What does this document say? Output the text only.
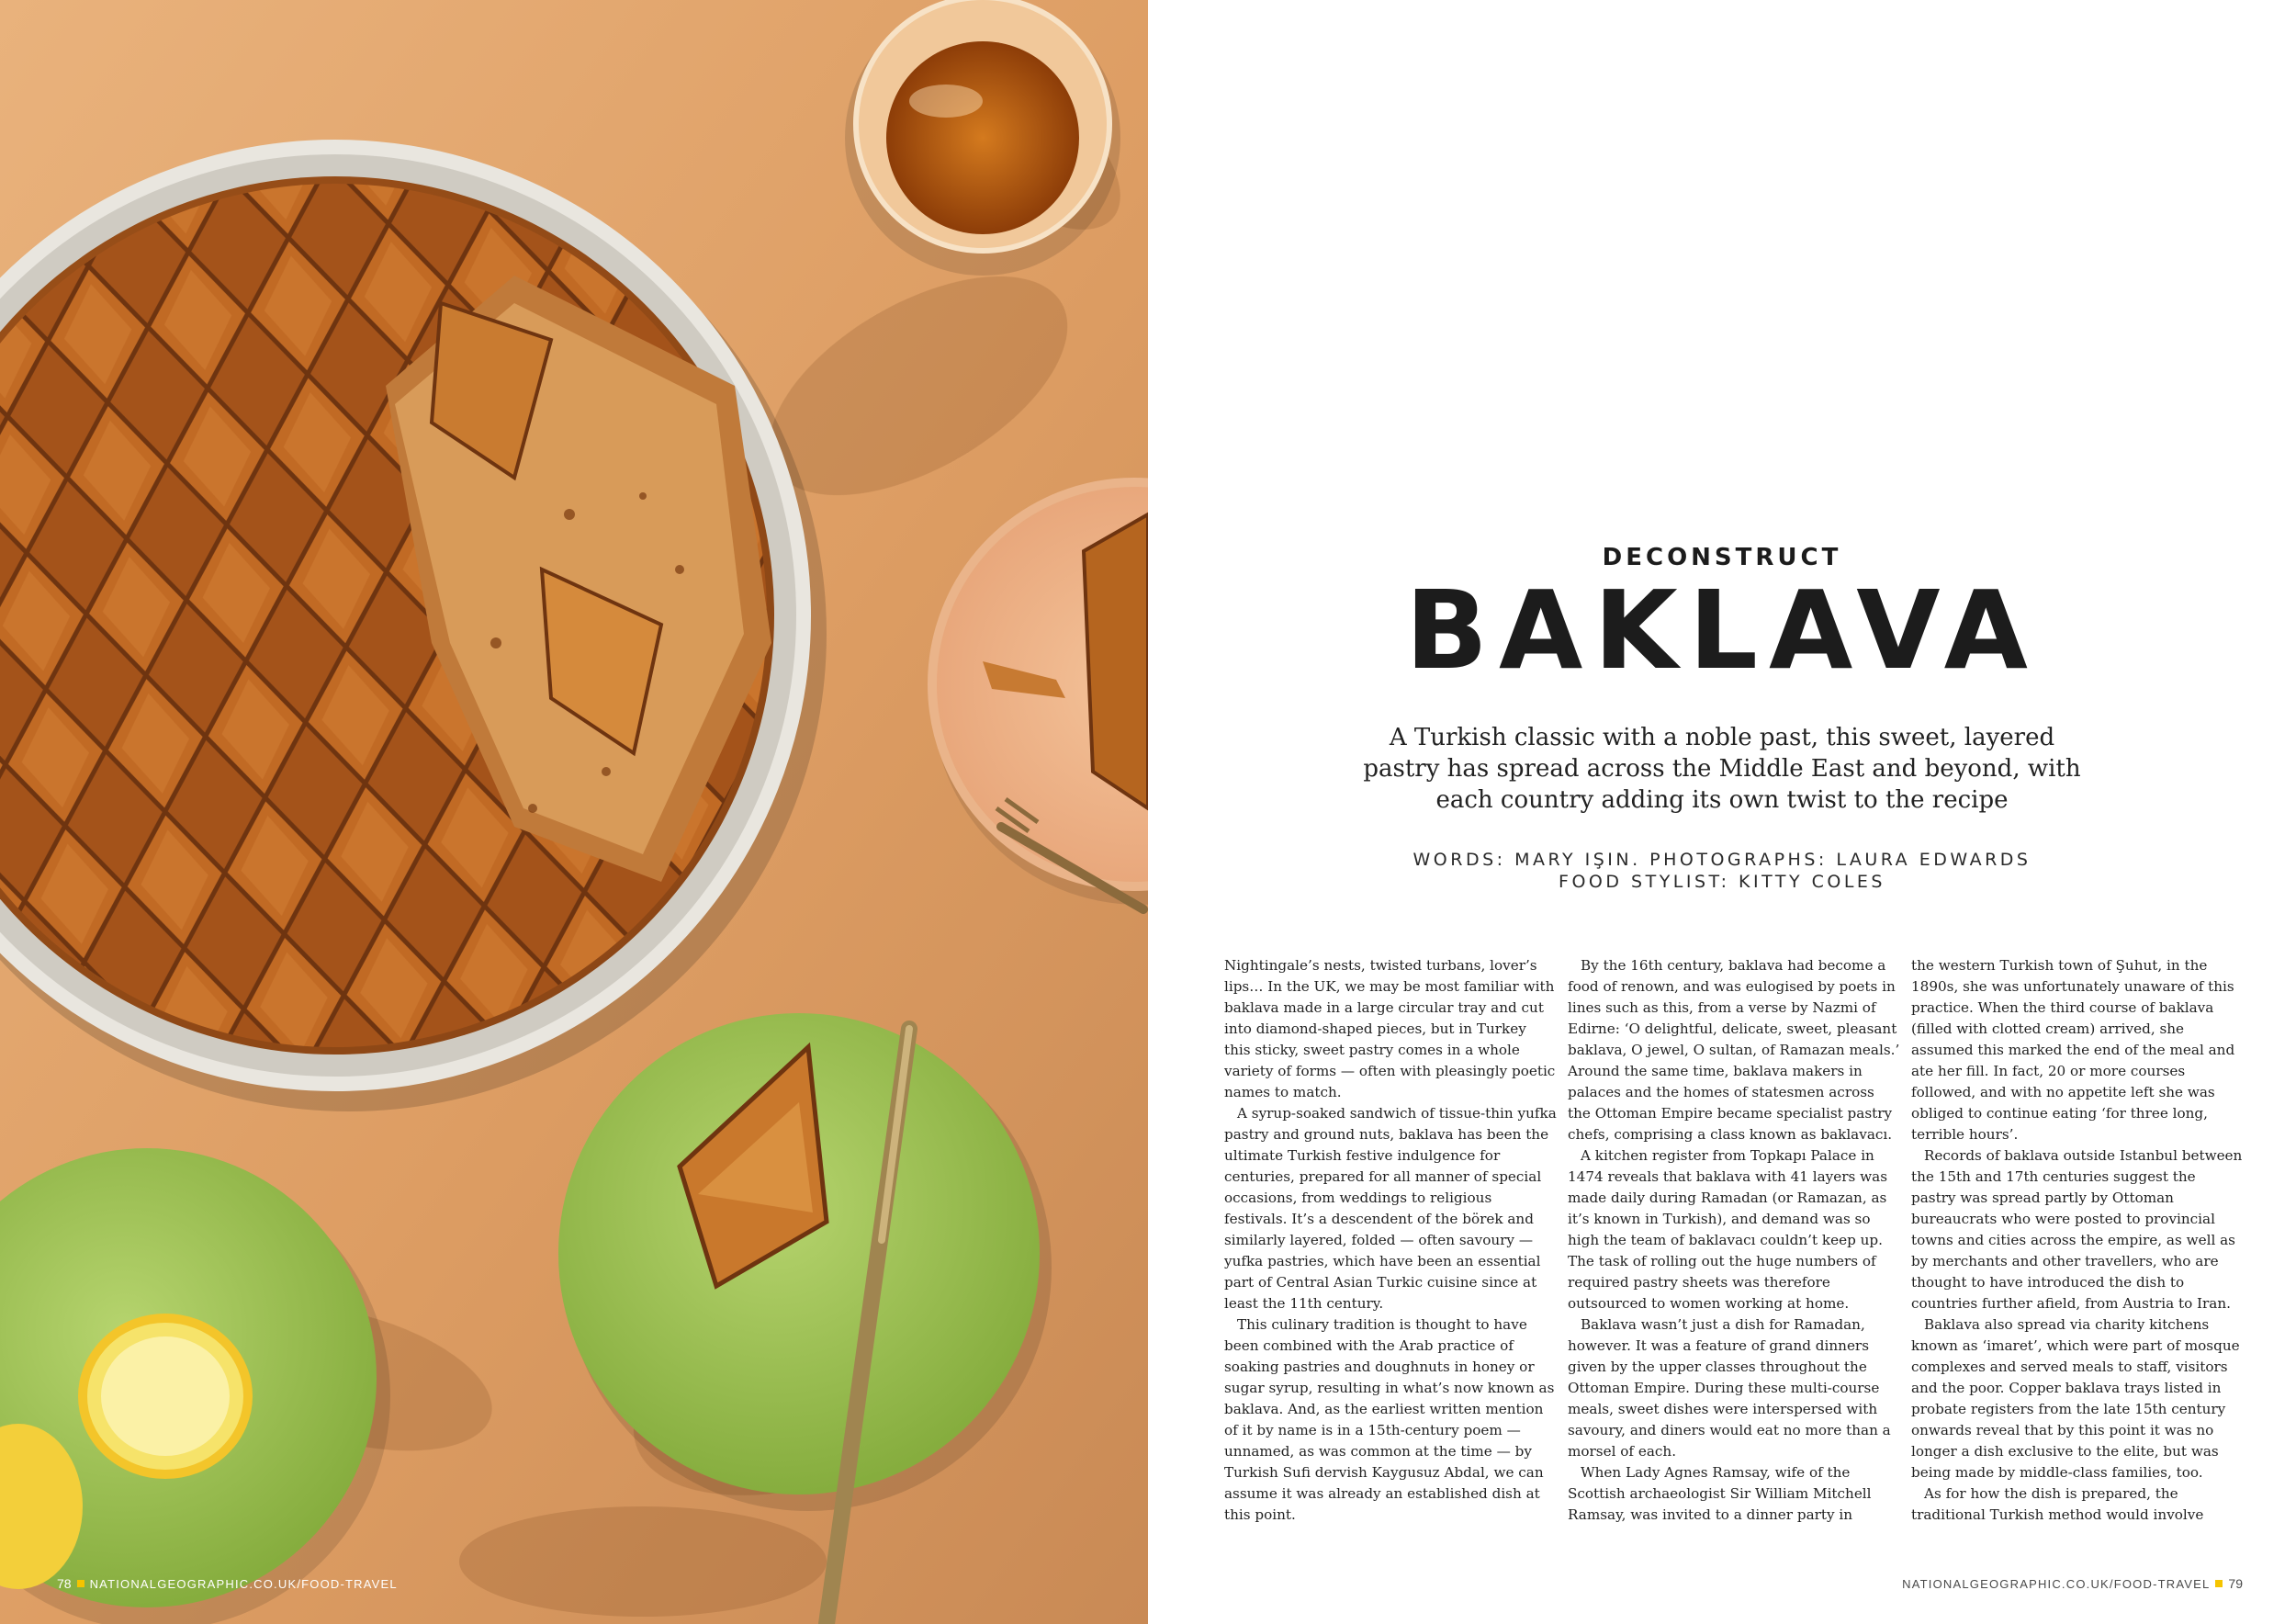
78 NATIONALGEOGRAPHIC.CO.UK/FOOD-TRAVEL
DECONSTRUCT
BAKLAVA
A Turkish classic with a noble past, this sweet, layered pastry has spread across the Middle East and beyond, with each country adding its own twist to the recipe
WORDS: MARY IŞIN. PHOTOGRAPHS: LAURA EDWARDS
FOOD STYLIST: KITTY COLES

Nightingale’s nests, twisted turbans, lover’s lips… In the UK, we may be most familiar with baklava made in a large circular tray and cut into diamond-shaped pieces, but in Turkey this sticky, sweet pastry comes in a whole variety of forms — often with pleasingly poetic names to match.

A syrup-soaked sandwich of tissue-thin yufka pastry and ground nuts, baklava has been the ultimate Turkish festive indulgence for centuries, prepared for all manner of special occasions, from weddings to religious festivals. It’s a descendent of the börek and similarly layered, folded — often savoury — yufka pastries, which have been an essential part of Central Asian Turkic cuisine since at least the 11th century.

This culinary tradition is thought to have been combined with the Arab practice of soaking pastries and doughnuts in honey or sugar syrup, resulting in what’s now known as baklava. And, as the earliest written mention of it by name is in a 15th-century poem — unnamed, as was common at the time — by Turkish Sufi dervish Kaygusuz Abdal, we can assume it was already an established dish at this point.

By the 16th century, baklava had become a food of renown, and was eulogised by poets in lines such as this, from a verse by Nazmi of Edirne: ‘O delightful, delicate, sweet, pleasant baklava, O jewel, O sultan, of Ramazan meals.’ Around the same time, baklava makers in palaces and the homes of statesmen across the Ottoman Empire became specialist pastry chefs, comprising a class known as baklavacı.

A kitchen register from Topkapı Palace in 1474 reveals that baklava with 41 layers was made daily during Ramadan (or Ramazan, as it’s known in Turkish), and demand was so high the team of baklavacı couldn’t keep up. The task of rolling out the huge numbers of required pastry sheets was therefore outsourced to women working at home.

Baklava wasn’t just a dish for Ramadan, however. It was a feature of grand dinners given by the upper classes throughout the Ottoman Empire. During these multi-course meals, sweet dishes were interspersed with savoury, and diners would eat no more than a morsel of each.

When Lady Agnes Ramsay, wife of the Scottish archaeologist Sir William Mitchell Ramsay, was invited to a dinner party in

the western Turkish town of Şuhut, in the 1890s, she was unfortunately unaware of this practice. When the third course of baklava (filled with clotted cream) arrived, she assumed this marked the end of the meal and ate her fill. In fact, 20 or more courses followed, and with no appetite left she was obliged to continue eating ‘for three long, terrible hours’.

Records of baklava outside Istanbul between the 15th and 17th centuries suggest the pastry was spread partly by Ottoman bureaucrats who were posted to provincial towns and cities across the empire, as well as by merchants and other travellers, who are thought to have introduced the dish to countries further afield, from Austria to Iran.

Baklava also spread via charity kitchens known as ‘imaret’, which were part of mosque complexes and served meals to staff, visitors and the poor. Copper baklava trays listed in probate registers from the late 15th century onwards reveal that by this point it was no longer a dish exclusive to the elite, but was being made by middle-class families, too.

As for how the dish is prepared, the traditional Turkish method would involve

NATIONALGEOGRAPHIC.CO.UK/FOOD-TRAVEL 79
